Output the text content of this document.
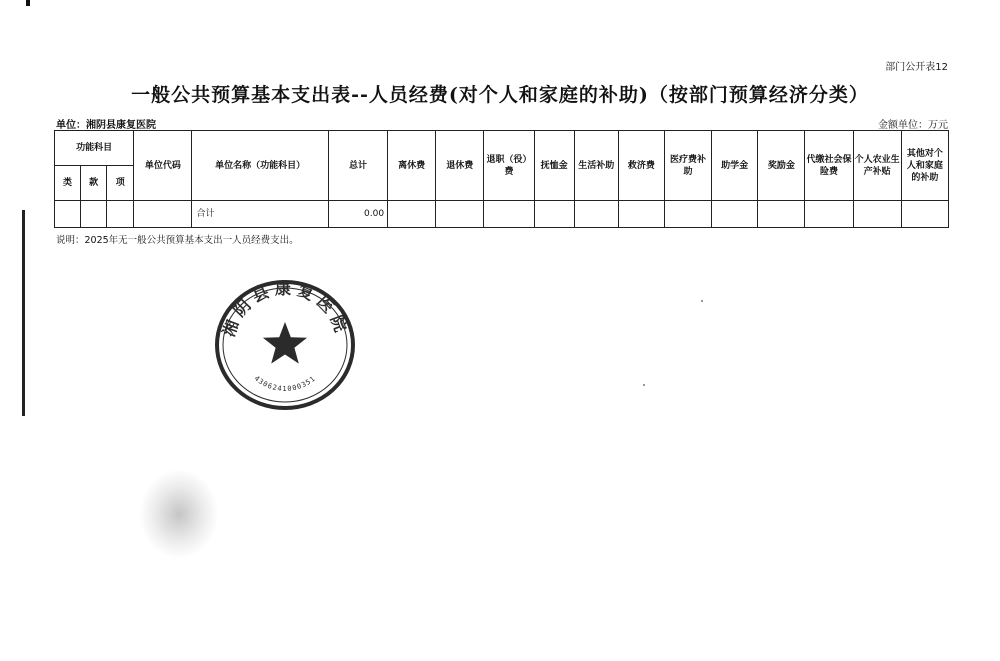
部门公开表12
一般公共预算基本支出表--人员经费(对个人和家庭的补助)（按部门预算经济分类）
单位：湘阴县康复医院	金额单位：万元
功能科目			单位代码	单位名称（功能科目）	总计	离休费	退休费	退职（役）费	抚恤金	生活补助	救济费	医疗费补助	助学金	奖励金	代缴社会保险费	个人农业生产补贴	其他对个人和家庭的补助
类	款	项															
				合计	0.00												
说明：2025年无一般公共预算基本支出一人员经费支出。
湘阴县康复医院
4306241000351
